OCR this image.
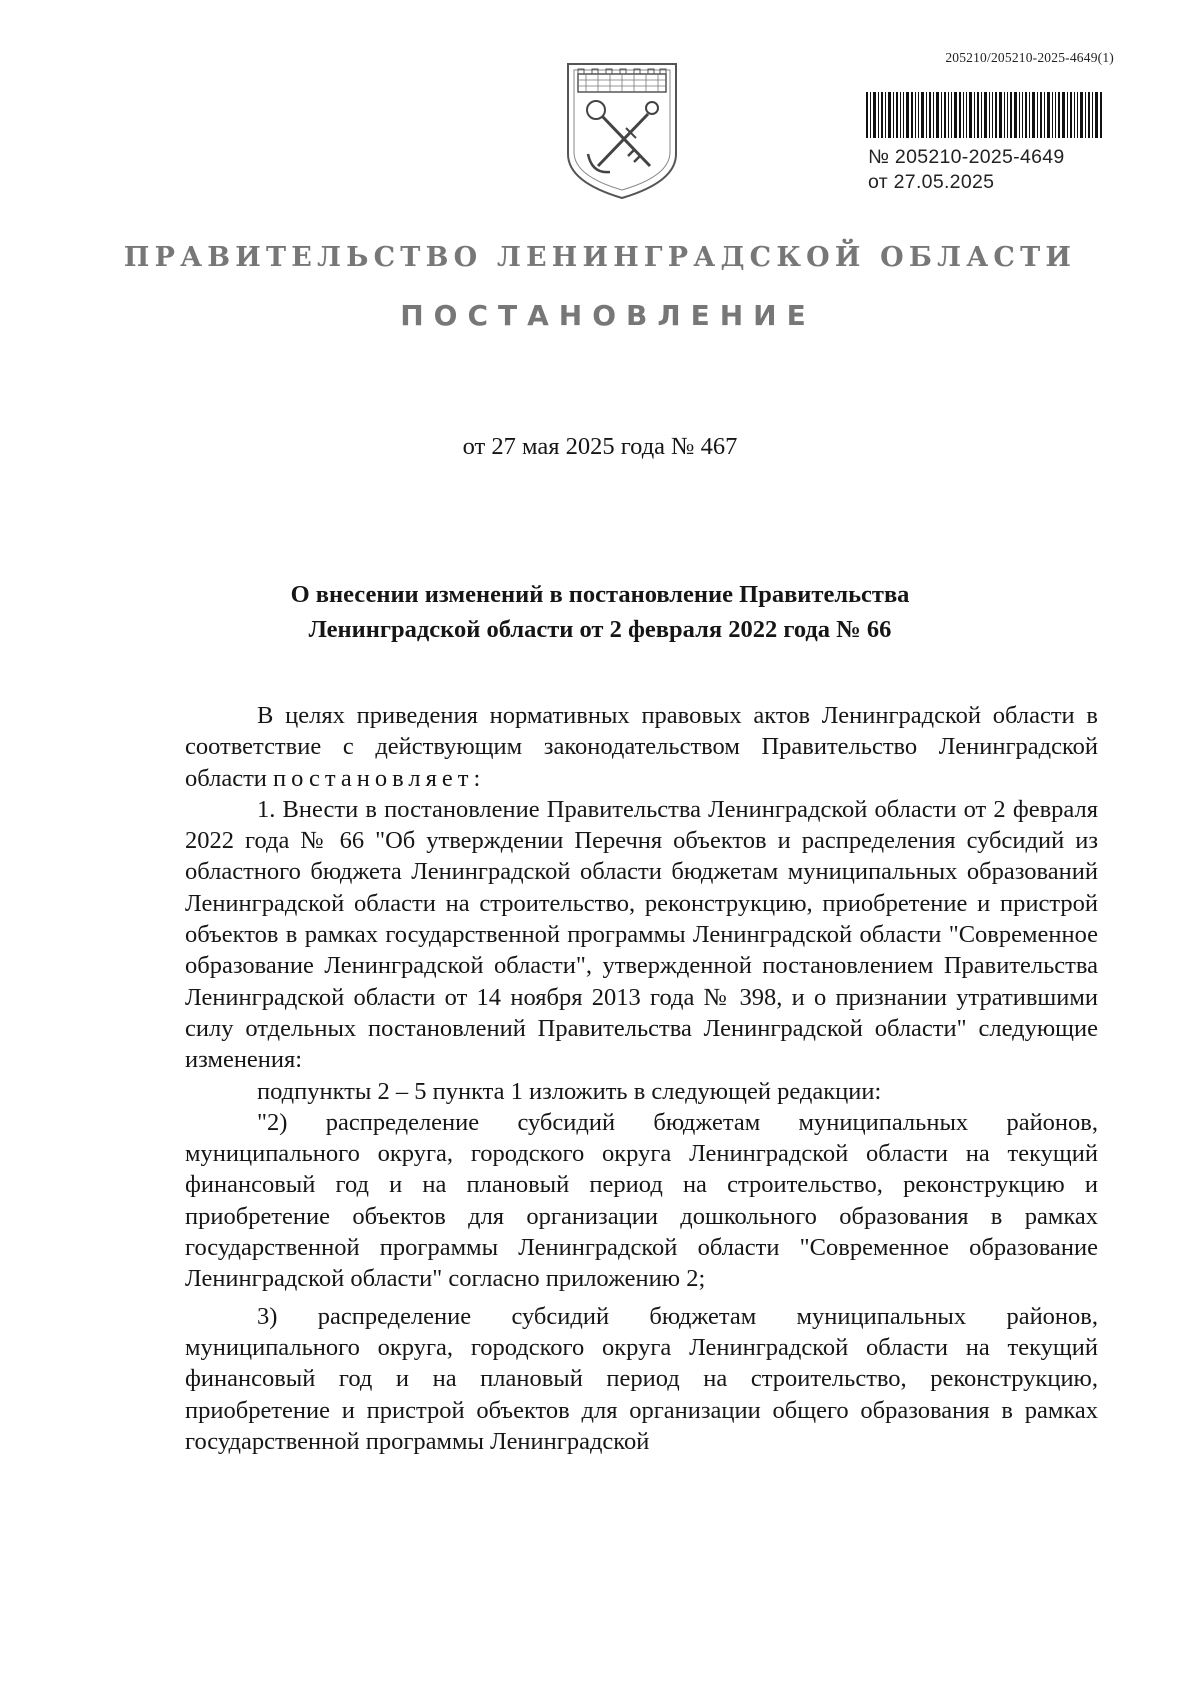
205210/205210-2025-4649(1)
№ 205210-2025-4649
от 27.05.2025
ПРАВИТЕЛЬСТВО ЛЕНИНГРАДСКОЙ ОБЛАСТИ
ПОСТАНОВЛЕНИЕ
от 27 мая 2025 года № 467
О внесении изменений в постановление Правительства
Ленинградской области от 2 февраля 2022 года № 66

В целях приведения нормативных правовых актов Ленинградской области в соответствие с действующим законодательством Правительство Ленинградской области постановляет:

1. Внести в постановление Правительства Ленинградской области от 2 февраля 2022 года № 66 "Об утверждении Перечня объектов и распределения субсидий из областного бюджета Ленинградской области бюджетам муниципальных образований Ленинградской области на строительство, реконструкцию, приобретение и пристрой объектов в рамках государственной программы Ленинградской области "Современное образование Ленинградской области", утвержденной постановлением Правительства Ленинградской области от 14 ноября 2013 года № 398, и о признании утратившими силу отдельных постановлений Правительства Ленинградской области" следующие изменения:

подпункты 2 – 5 пункта 1 изложить в следующей редакции:

"2) распределение субсидий бюджетам муниципальных районов, муниципального округа, городского округа Ленинградской области на текущий финансовый год и на плановый период на строительство, реконструкцию и приобретение объектов для организации дошкольного образования в рамках государственной программы Ленинградской области "Современное образование Ленинградской области" согласно приложению 2;

3) распределение субсидий бюджетам муниципальных районов, муниципального округа, городского округа Ленинградской области на текущий финансовый год и на плановый период на строительство, реконструкцию, приобретение и пристрой объектов для организации общего образования в рамках государственной программы Ленинградской
